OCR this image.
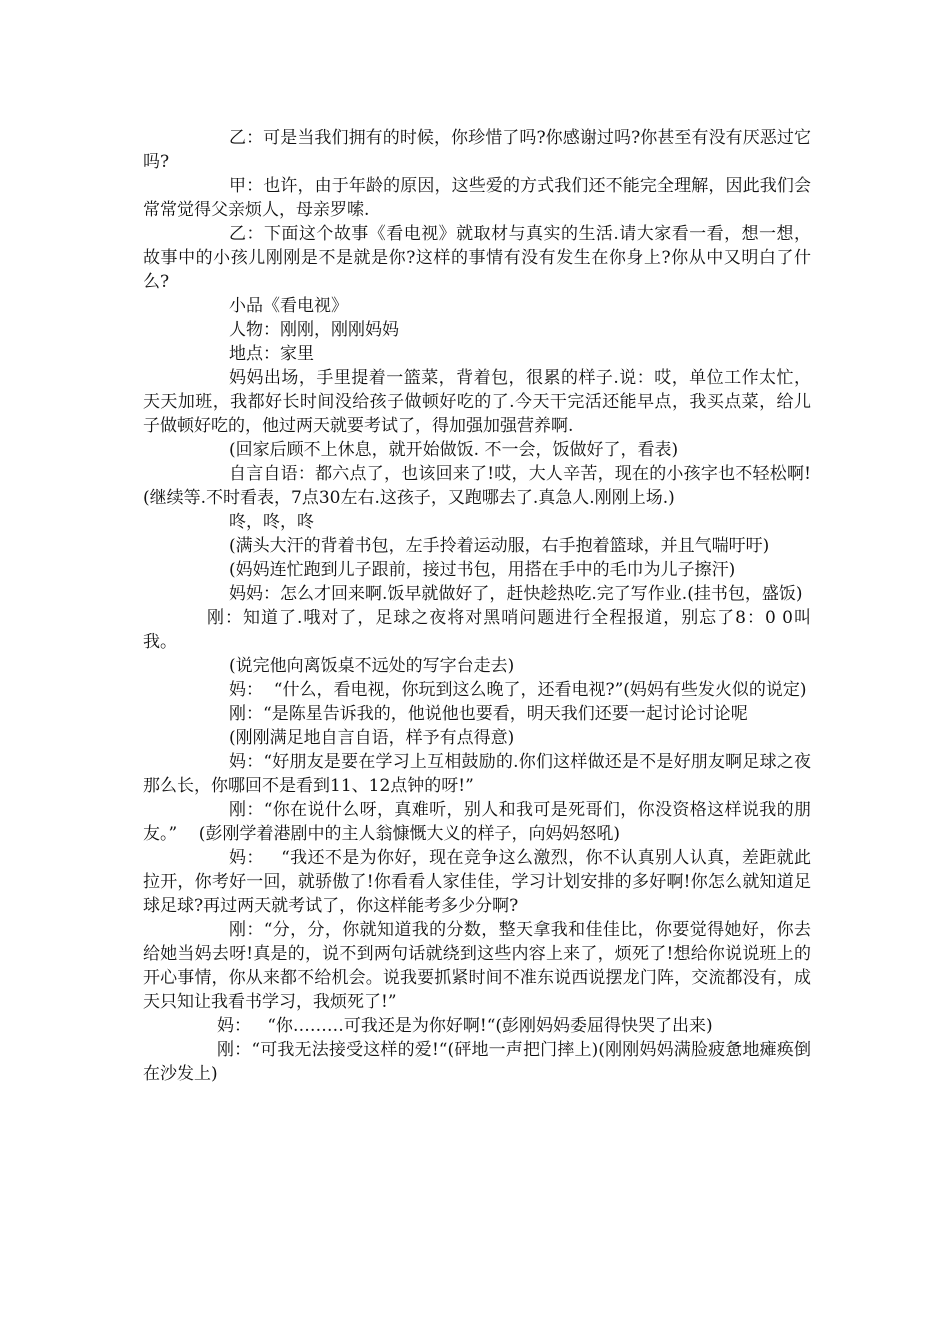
乙：可是当我们拥有的时候，你珍惜了吗?你感谢过吗?你甚至有没有厌恶过它吗?

甲：也许，由于年龄的原因，这些爱的方式我们还不能完全理解，因此我们会常常觉得父亲烦人，母亲罗嗦.

乙：下面这个故事《看电视》就取材与真实的生活.请大家看一看，想一想，故事中的小孩儿刚刚是不是就是你?这样的事情有没有发生在你身上?你从中又明白了什么?

小品《看电视》

人物：刚刚，刚刚妈妈

地点：家里

妈妈出场，手里提着一篮菜，背着包，很累的样子.说：哎，单位工作太忙，天天加班，我都好长时间没给孩子做顿好吃的了.今天干完活还能早点，我买点菜，给儿子做顿好吃的，他过两天就要考试了，得加强加强营养啊.

(回家后顾不上休息，就开始做饭. 不一会，饭做好了，看表)

自言自语：都六点了，也该回来了!哎，大人辛苦，现在的小孩字也不轻松啊!(继续等.不时看表，7点30左右.这孩子，又跑哪去了.真急人.刚刚上场.)

咚，咚，咚

(满头大汗的背着书包，左手拎着运动服，右手抱着篮球，并且气喘吁吁)

(妈妈连忙跑到儿子跟前，接过书包，用搭在手中的毛巾为儿子擦汗)

妈妈：怎么才回来啊.饭早就做好了，赶快趁热吃.完了写作业.(挂书包，盛饭)

刚：知道了.哦对了，足球之夜将对黑哨问题进行全程报道，别忘了8：0 0叫我。

(说完他向离饭桌不远处的写字台走去)

妈：  “什么，看电视，你玩到这么晚了，还看电视?”(妈妈有些发火似的说定)

刚：“是陈星告诉我的，他说他也要看，明天我们还要一起讨论讨论呢

(刚刚满足地自言自语，样予有点得意)

妈：“好朋友是要在学习上互相鼓励的.你们这样做还是不是好朋友啊足球之夜那么长，你哪回不是看到11、12点钟的呀!”

刚：“你在说什么呀，真难听，别人和我可是死哥们，你没资格这样说我的朋友。”    (彭刚学着港剧中的主人翁慷慨大义的样子，向妈妈怒吼)

妈：   “我还不是为你好，现在竞争这么激烈，你不认真别人认真，差距就此拉开，你考好一回，就骄傲了!你看看人家佳佳，学习计划安排的多好啊!你怎么就知道足球足球?再过两天就考试了，你这样能考多少分啊?

刚：“分，分，你就知道我的分数，整天拿我和佳佳比，你要觉得她好，你去给她当妈去呀!真是的，说不到两句话就绕到这些内容上来了，烦死了!想给你说说班上的开心事情，你从来都不给机会。说我要抓紧时间不准东说西说摆龙门阵，交流都没有，成天只知让我看书学习，我烦死了!”

妈：   “你………可我还是为你好啊!“(彭刚妈妈委屈得快哭了出来)

刚：“可我无法接受这样的爱!“(砰地一声把门摔上)(刚刚妈妈满脸疲惫地瘫痪倒在沙发上)
